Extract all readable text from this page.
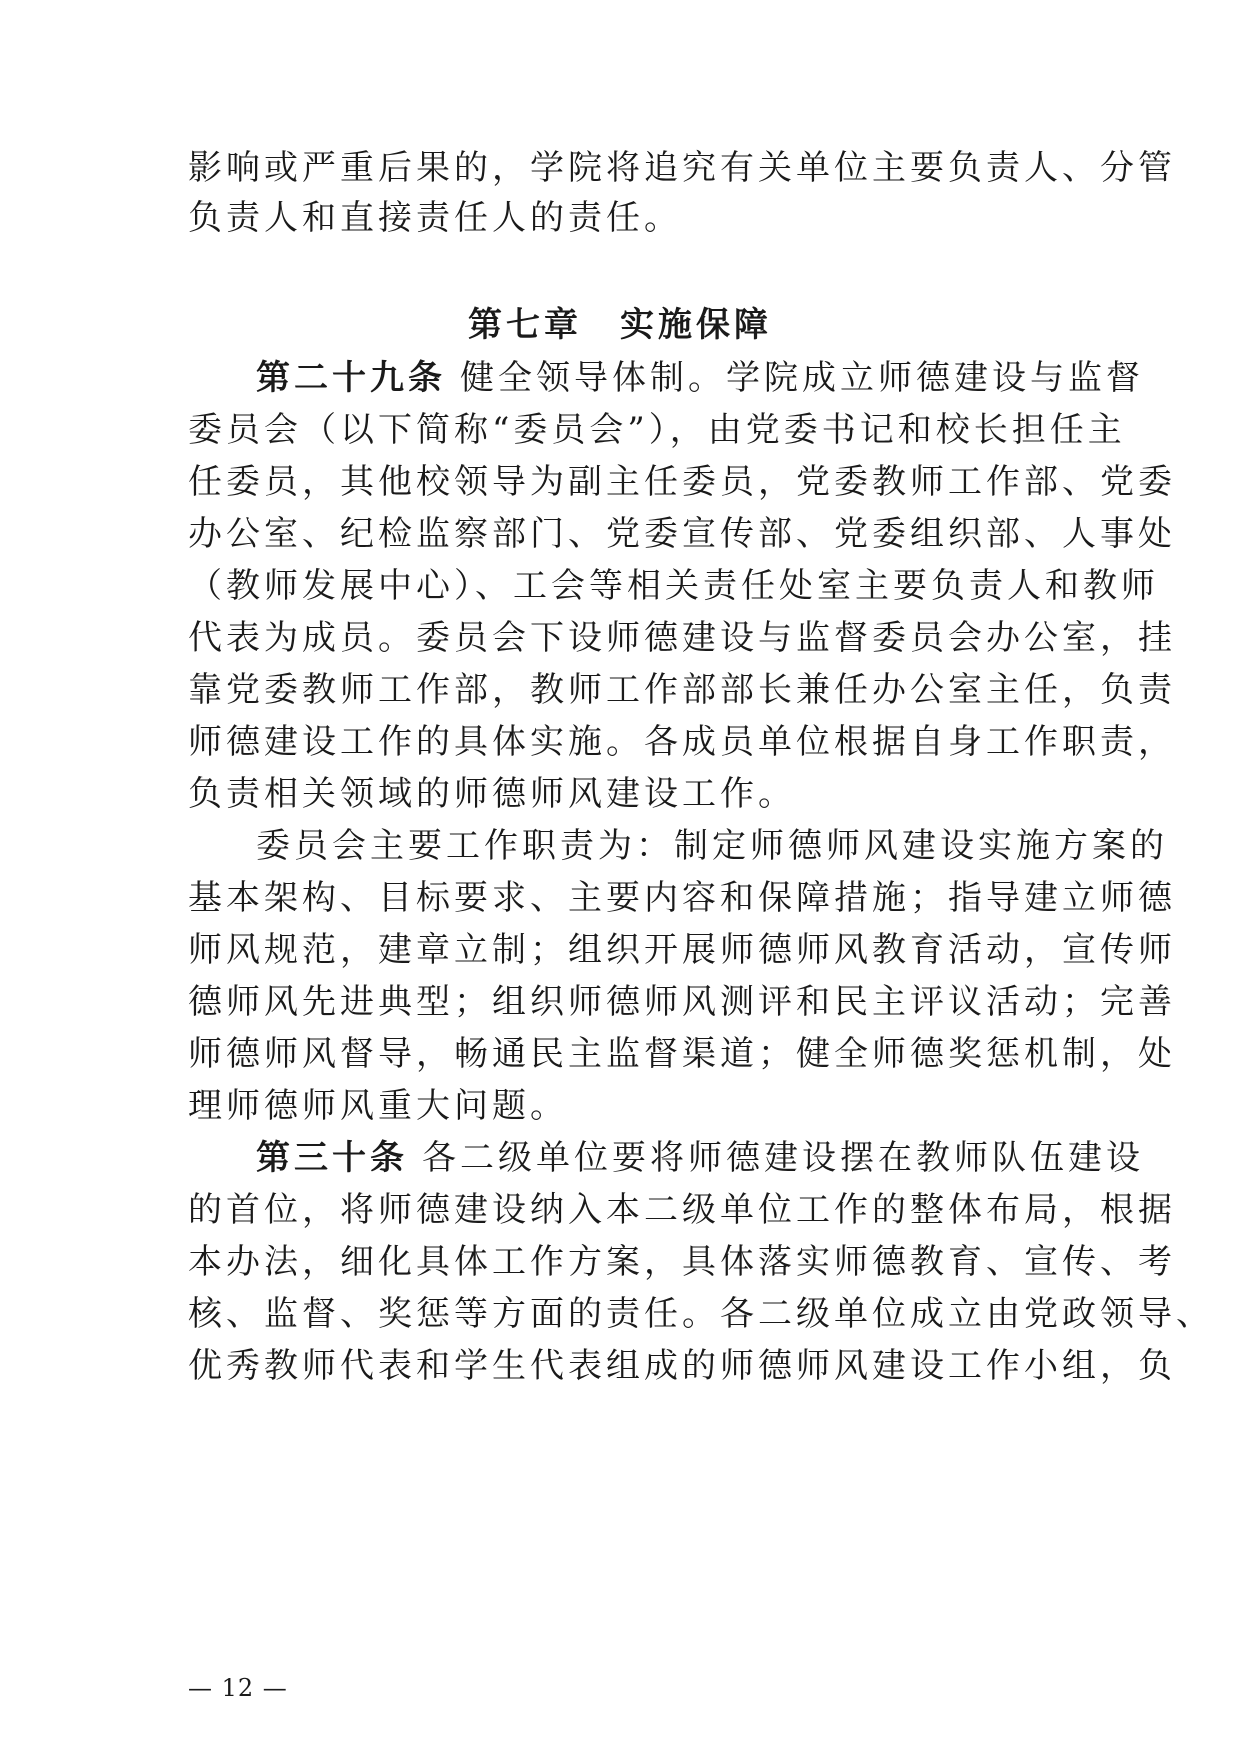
影响或严重后果的，学院将追究有关单位主要负责人、分管
负责人和直接责任人的责任。
第七章　实施保障
第二十九条 健全领导体制。学院成立师德建设与监督
委员会（以下简称“委员会”），由党委书记和校长担任主
任委员，其他校领导为副主任委员，党委教师工作部、党委
办公室、纪检监察部门、党委宣传部、党委组织部、人事处
（教师发展中心）、工会等相关责任处室主要负责人和教师
代表为成员。委员会下设师德建设与监督委员会办公室，挂
靠党委教师工作部，教师工作部部长兼任办公室主任，负责
师德建设工作的具体实施。各成员单位根据自身工作职责，
负责相关领域的师德师风建设工作。
委员会主要工作职责为：制定师德师风建设实施方案的
基本架构、目标要求、主要内容和保障措施；指导建立师德
师风规范，建章立制；组织开展师德师风教育活动，宣传师
德师风先进典型；组织师德师风测评和民主评议活动；完善
师德师风督导，畅通民主监督渠道；健全师德奖惩机制，处
理师德师风重大问题。
第三十条 各二级单位要将师德建设摆在教师队伍建设
的首位，将师德建设纳入本二级单位工作的整体布局，根据
本办法，细化具体工作方案，具体落实师德教育、宣传、考
核、监督、奖惩等方面的责任。各二级单位成立由党政领导、
优秀教师代表和学生代表组成的师德师风建设工作小组，负
— 12 —
